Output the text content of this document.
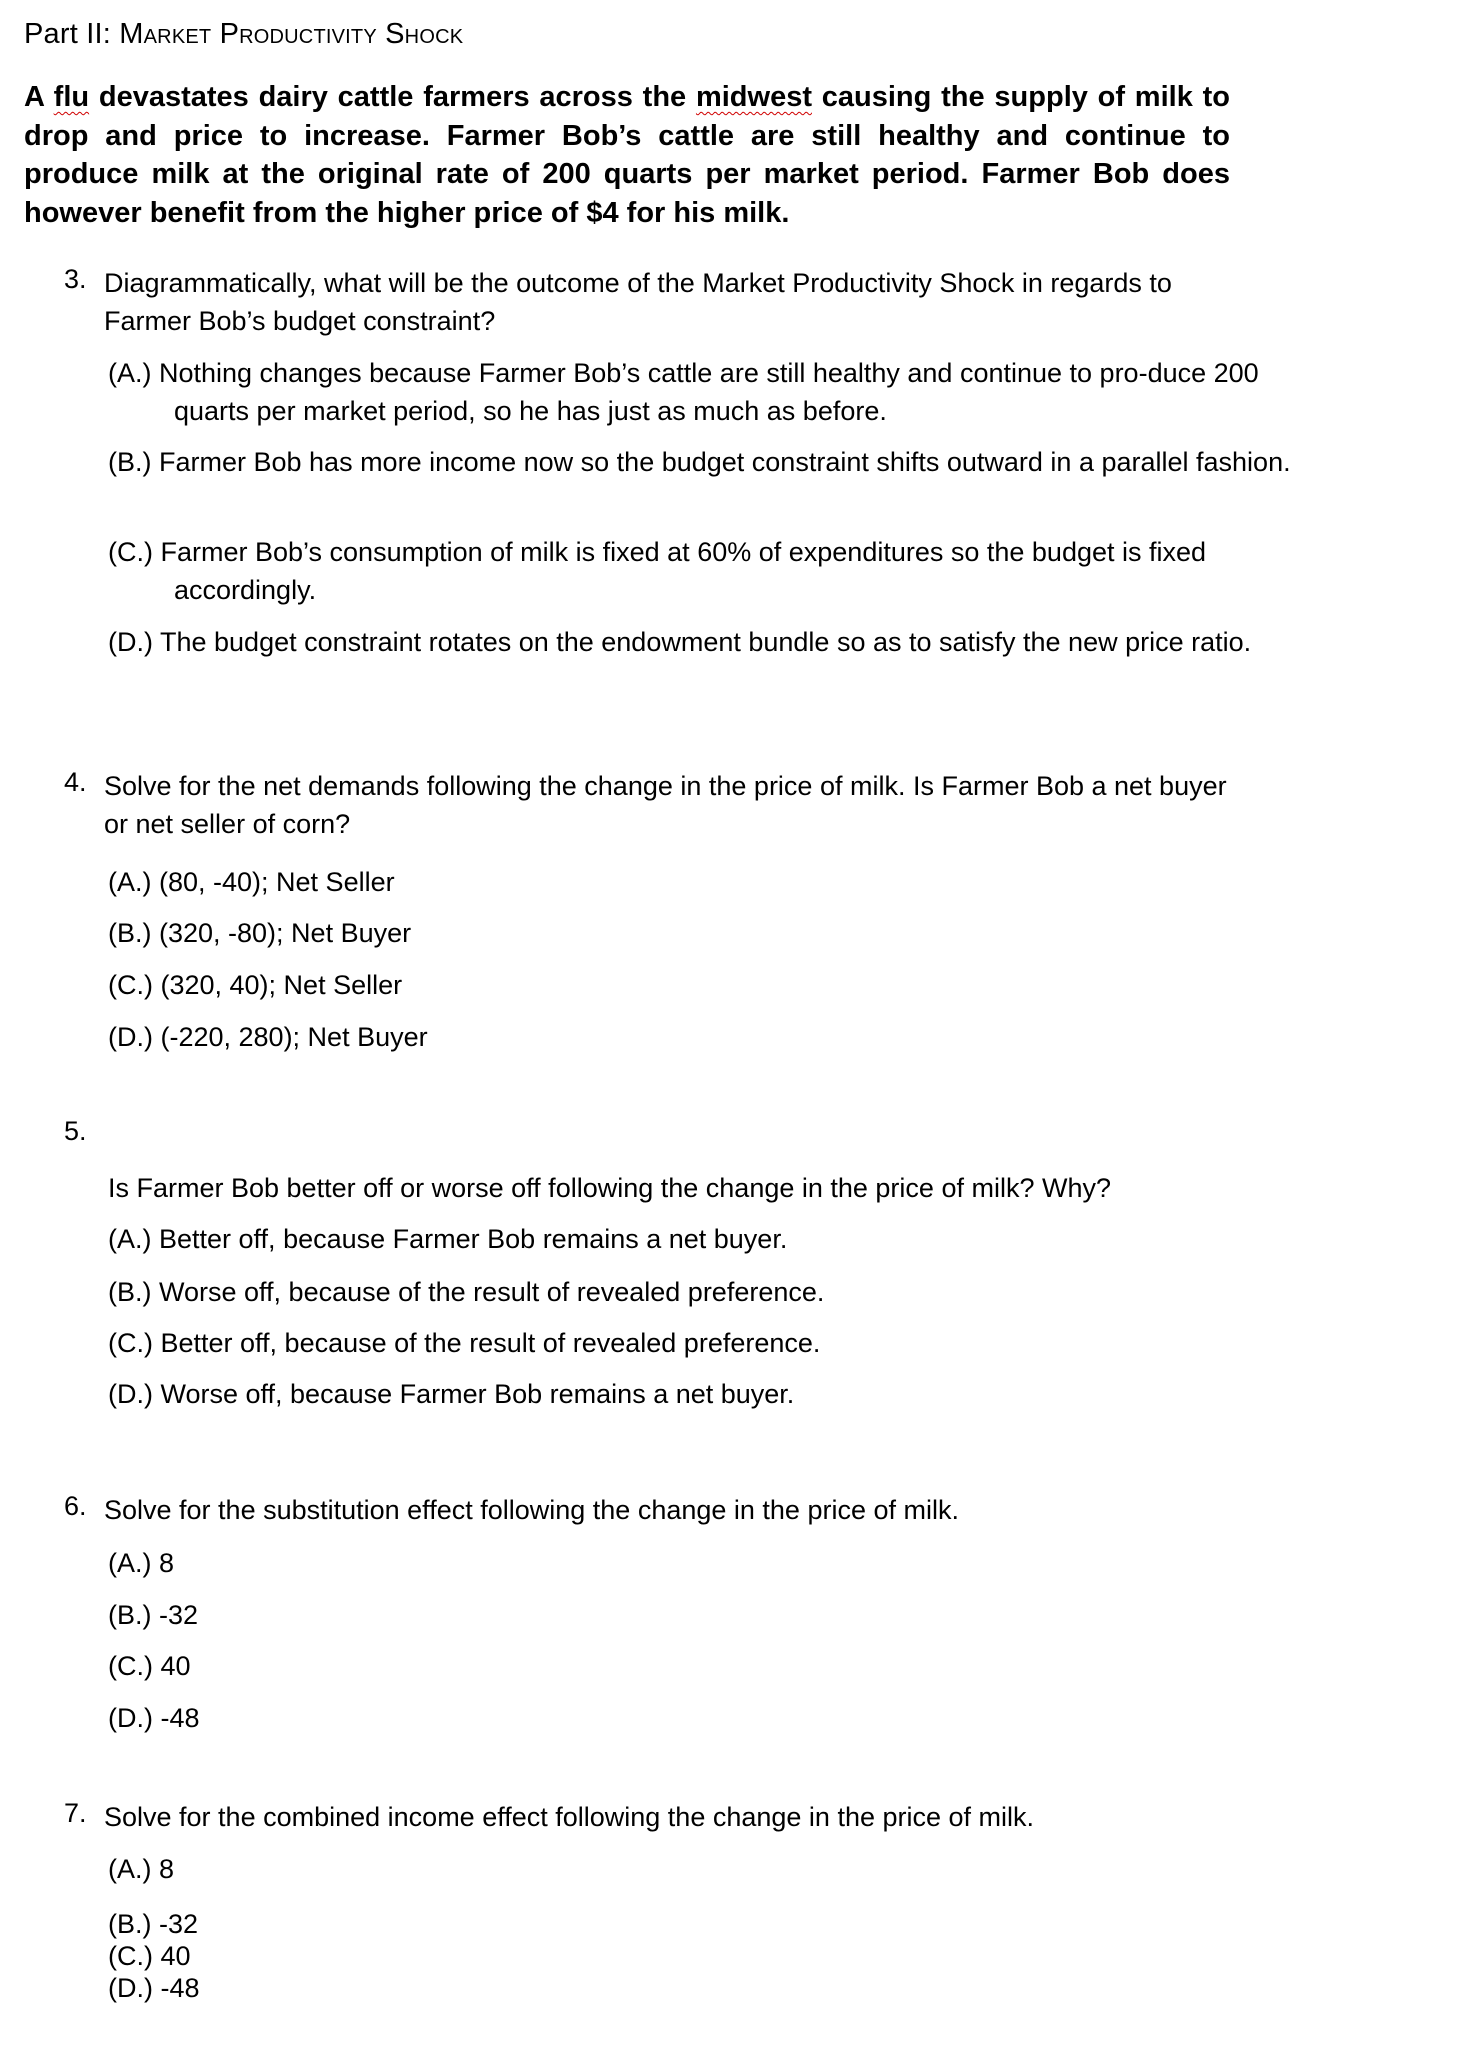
Part II: Market Productivity Shock
A flu devastates dairy cattle farmers across the midwest causing the supply of milk to drop and price to increase. Farmer Bob’s cattle are still healthy and continue to produce milk at the original rate of 200 quarts per market period. Farmer Bob does however benefit from the higher price of $4 for his milk.
3. Diagrammatically, what will be the outcome of the Market Productivity Shock in regards to Farmer Bob’s budget constraint?
(A.) Nothing changes because Farmer Bob’s cattle are still healthy and continue to pro-duce 200 quarts per market period, so he has just as much as before.
(B.) Farmer Bob has more income now so the budget constraint shifts outward in a parallel fashion.
(C.) Farmer Bob’s consumption of milk is fixed at 60% of expenditures so the budget is fixed accordingly.
(D.) The budget constraint rotates on the endowment bundle so as to satisfy the new price ratio.
4. Solve for the net demands following the change in the price of milk. Is Farmer Bob a net buyer or net seller of corn?
(A.) (80, -40); Net Seller
(B.) (320, -80); Net Buyer
(C.) (320, 40); Net Seller
(D.) (-220, 280); Net Buyer
5.
Is Farmer Bob better off or worse off following the change in the price of milk? Why?
(A.) Better off, because Farmer Bob remains a net buyer.
(B.) Worse off, because of the result of revealed preference.
(C.) Better off, because of the result of revealed preference.
(D.) Worse off, because Farmer Bob remains a net buyer.
6. Solve for the substitution effect following the change in the price of milk.
(A.) 8
(B.) -32
(C.) 40
(D.) -48
7. Solve for the combined income effect following the change in the price of milk.
(A.) 8
(B.) -32
(C.) 40
(D.) -48
